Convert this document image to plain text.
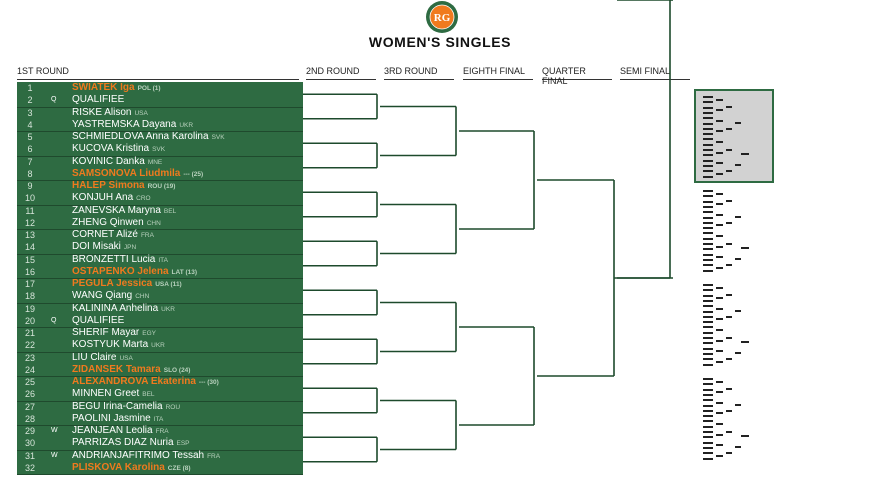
RG
WOMEN'S SINGLES
1ST ROUND	2ND ROUND	3RD ROUND	EIGHTH FINAL	QUARTER FINAL
SEMI FINAL
1	SWIATEK Iga POL (1)
2	Q	QUALIFIEE
3	RISKE Alison USA
4	YASTREMSKA Dayana UKR
5	SCHMIEDLOVA Anna Karolina SVK
6	KUCOVA Kristina SVK
7	KOVINIC Danka MNE
8	SAMSONOVA Liudmila --- (25)
9	HALEP Simona ROU (19)
10	KONJUH Ana CRO
11	ZANEVSKA Maryna BEL
12	ZHENG Qinwen CHN
13	CORNET Alizé FRA
14	DOI Misaki JPN
15	BRONZETTI Lucia ITA
16	OSTAPENKO Jelena LAT (13)
17	PEGULA Jessica USA (11)
18	WANG Qiang CHN
19	KALININA Anhelina UKR
20	Q	QUALIFIEE
21	SHERIF Mayar EGY
22	KOSTYUK Marta UKR
23	LIU Claire USA
24	ZIDANSEK Tamara SLO (24)
25	ALEXANDROVA Ekaterina --- (30)
26	MINNEN Greet BEL
27	BEGU Irina-Camelia ROU
28	PAOLINI Jasmine ITA
29	W	JEANJEAN Leolia FRA
30	PARRIZAS DIAZ Nuria ESP
31	W	ANDRIANJAFITRIMO Tessah FRA
32	PLISKOVA Karolina CZE (8)
